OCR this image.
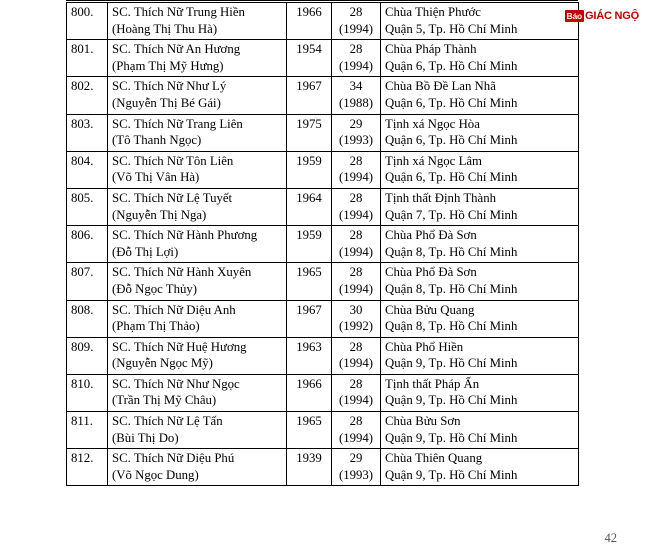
800.	SC. Thích Nữ Trung Hiền
(Hoàng Thị Thu Hà)	1966	28
(1994)	Chùa Thiện Phước
Quận 5, Tp. Hồ Chí Minh

801.	SC. Thích Nữ An Hương
(Phạm Thị Mỹ Hưng)	1954	28
(1994)	Chùa Pháp Thành
Quận 6, Tp. Hồ Chí Minh

802.	SC. Thích Nữ Như Lý
(Nguyễn Thị Bé Gái)	1967	34
(1988)	Chùa Bồ Đề Lan Nhã
Quận 6, Tp. Hồ Chí Minh

803.	SC. Thích Nữ Trang Liên
(Tô Thanh Ngọc)	1975	29
(1993)	Tịnh xá Ngọc Hòa
Quận 6, Tp. Hồ Chí Minh

804.	SC. Thích Nữ Tôn Liên
(Võ Thị Vân Hà)	1959	28
(1994)	Tịnh xá Ngọc Lâm
Quận 6, Tp. Hồ Chí Minh

805.	SC. Thích Nữ Lệ Tuyết
(Nguyễn Thị Nga)	1964	28
(1994)	Tịnh thất Định Thành
Quận 7, Tp. Hồ Chí Minh

806.	SC. Thích Nữ Hành Phương
(Đỗ Thị Lợi)	1959	28
(1994)	Chùa Phổ Đà Sơn
Quận 8, Tp. Hồ Chí Minh

807.	SC. Thích Nữ Hành Xuyên
(Đỗ Ngọc Thủy)	1965	28
(1994)	Chùa Phổ Đà Sơn
Quận 8, Tp. Hồ Chí Minh

808.	SC. Thích Nữ Diệu Anh
(Phạm Thị Thảo)	1967	30
(1992)	Chùa Bửu Quang
Quận 8, Tp. Hồ Chí Minh

809.	SC. Thích Nữ Huệ Hương
(Nguyễn Ngọc Mỹ)	1963	28
(1994)	Chùa Phổ Hiền
Quận 9, Tp. Hồ Chí Minh

810.	SC. Thích Nữ Như Ngọc
(Trần Thị Mỹ Châu)	1966	28
(1994)	Tịnh thất Pháp Ấn
Quận 9, Tp. Hồ Chí Minh

811.	SC. Thích Nữ Lệ Tấn
(Bùi Thị Do)	1965	28
(1994)	Chùa Bửu Sơn
Quận 9, Tp. Hồ Chí Minh

812.	SC. Thích Nữ Diệu Phú
(Võ Ngọc Dung)	1939	29
(1993)	Chùa Thiên Quang
Quận 9, Tp. Hồ Chí Minh
Báo GIÁC NGỘ
42
